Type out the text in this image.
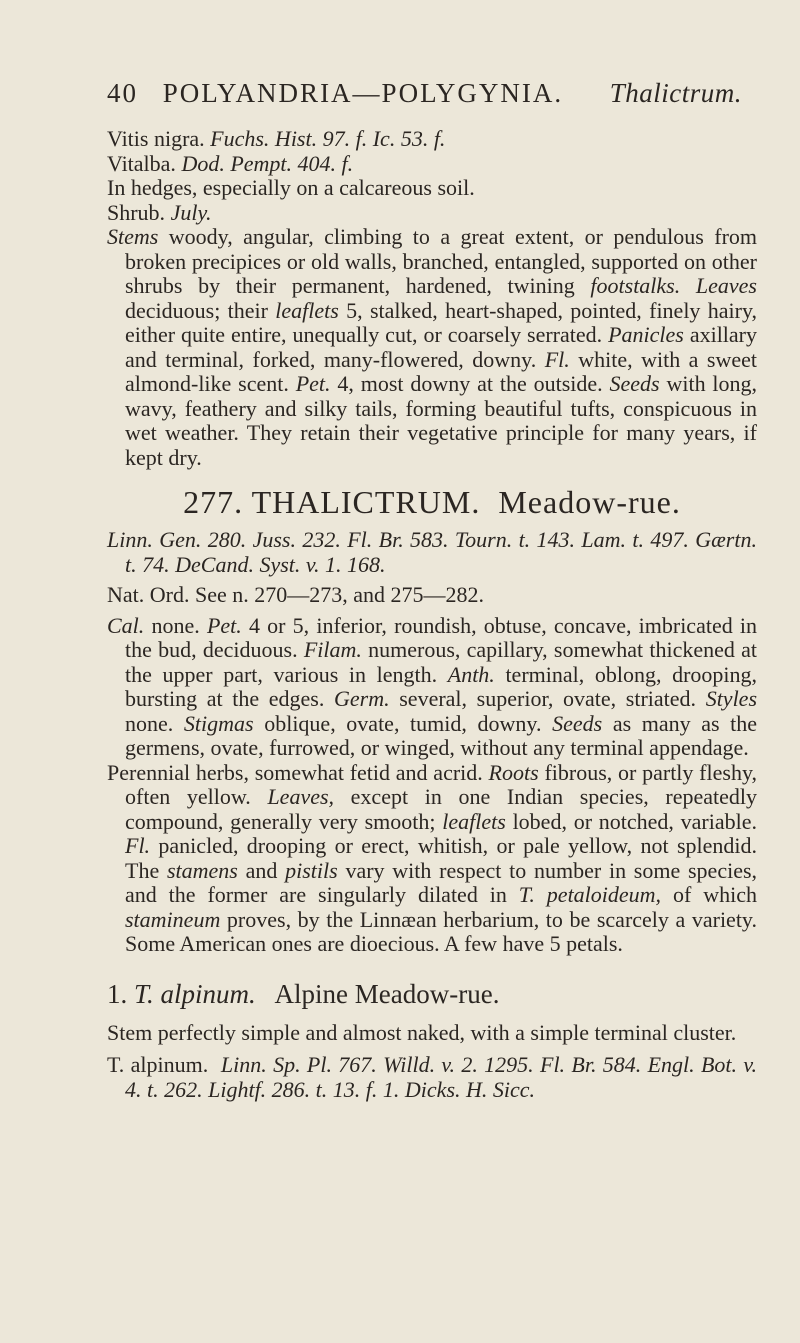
40 POLYANDRIA—POLYGYNIA. Thalictrum.

Vitis nigra. Fuchs. Hist. 97. f. Ic. 53. f.

Vitalba. Dod. Pempt. 404. f.

In hedges, especially on a calcareous soil.

Shrub. July.

Stems woody, angular, climbing to a great extent, or pendulous from broken precipices or old walls, branched, entangled, supported on other shrubs by their permanent, hardened, twining footstalks. Leaves deciduous; their leaflets 5, stalked, heart-shaped, pointed, finely hairy, either quite entire, unequally cut, or coarsely serrated. Panicles axillary and terminal, forked, many-flowered, downy. Fl. white, with a sweet almond-like scent. Pet. 4, most downy at the outside. Seeds with long, wavy, feathery and silky tails, forming beautiful tufts, conspicuous in wet weather. They retain their vegetative principle for many years, if kept dry.

277. THALICTRUM. Meadow-rue.

Linn. Gen. 280. Juss. 232. Fl. Br. 583. Tourn. t. 143. Lam. t. 497. Gærtn. t. 74. DeCand. Syst. v. 1. 168.

Nat. Ord. See n. 270—273, and 275—282.

Cal. none. Pet. 4 or 5, inferior, roundish, obtuse, concave, imbricated in the bud, deciduous. Filam. numerous, capillary, somewhat thickened at the upper part, various in length. Anth. terminal, oblong, drooping, bursting at the edges. Germ. several, superior, ovate, striated. Styles none. Stigmas oblique, ovate, tumid, downy. Seeds as many as the germens, ovate, furrowed, or winged, without any terminal appendage.

Perennial herbs, somewhat fetid and acrid. Roots fibrous, or partly fleshy, often yellow. Leaves, except in one Indian species, repeatedly compound, generally very smooth; leaflets lobed, or notched, variable. Fl. panicled, drooping or erect, whitish, or pale yellow, not splendid. The stamens and pistils vary with respect to number in some species, and the former are singularly dilated in T. petaloideum, of which stamineum proves, by the Linnæan herbarium, to be scarcely a variety. Some American ones are dioecious. A few have 5 petals.

1. T. alpinum. Alpine Meadow-rue.

Stem perfectly simple and almost naked, with a simple terminal cluster.

T. alpinum. Linn. Sp. Pl. 767. Willd. v. 2. 1295. Fl. Br. 584. Engl. Bot. v. 4. t. 262. Lightf. 286. t. 13. f. 1. Dicks. H. Sicc.
